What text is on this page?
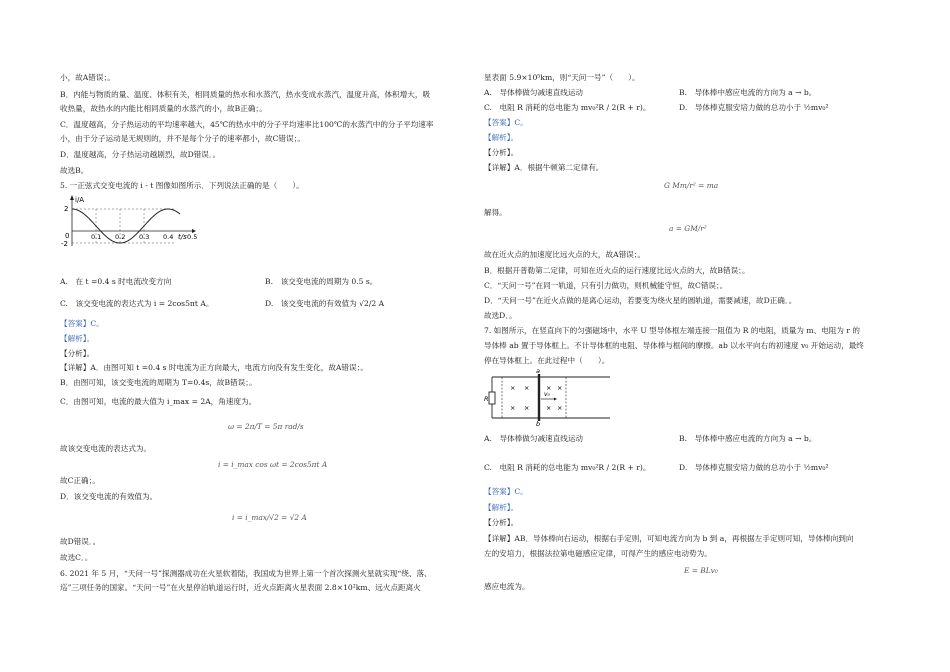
小，故A错误；。
B．内能与物质的量、温度、体积有关，相同质量的热水和水蒸汽，热水变成水蒸汽，温度升高，体积增大，吸
收热量，故热水的内能比相同质量的水蒸汽的小，故B正确；。
C．温度越高，分子热运动的平均速率越大，45℃的热水中的分子平均速率比100℃的水蒸汽中的分子平均速率
小，由于分子运动是无规则的，并不是每个分子的速率都小，故C错误；。
D．温度越高，分子热运动越剧烈，故D错误．。
故选B。
5. 一正弦式交变电流的 i - t 图像如图所示．下列说法正确的是（　　）。
i/A
2
0
-2
0.1 0.2 0.3 0.4 0.5
t/s
A.　在 t =0.4 s 时电流改变方向	B.　该交变电流的周期为 0.5 s。
C.　该交变电流的表达式为 i = 2cos5πt A。	D.　该交变电流的有效值为 √2/2 A
【答案】C。
【解析】。
【分析】。
【详解】A．由图可知 t =0.4 s 时电流为正方向最大，电流方向没有发生变化，故A错误；。
B．由图可知，该交变电流的周期为 T=0.4s，故B错误；。
C．由图可知，电流的最大值为 i_max = 2A，角速度为。
ω = 2π/T = 5π rad/s
故该交变电流的表达式为。
i = i_max cos ωt = 2cos5πt A
故C正确；。
D．该交变电流的有效值为。
i = i_max/√2 = √2 A
故D错误．。
故选C．。
6. 2021 年 5 月，“天问一号”探测器成功在火星软着陆，我国成为世界上第一个首次探测火星就实现“绕、落、
巡”三项任务的国家。“天问一号”在火星停泊轨道运行时，近火点距离火星表面 2.8×10²km、远火点距离火
星表面 5.9×10⁵km，则“天问一号”（　　）。
A.　导体棒做匀减速直线运动	B.　导体棒中感应电流的方向为 a → b。
C.　电阻 R 消耗的总电能为 mv₀²R / 2(R + r)。	D.　导体棒克服安培力做的总功小于 ½mv₀²
【答案】C。
【解析】。
【分析】。
【详解】A．根据牛顿第二定律有。
G Mm/r² = ma
解得。
a = GM/r²
故在近火点的加速度比远火点的大，故A错误；。
B．根据开普勒第二定律，可知在近火点的运行速度比远火点的大，故B错误；。
C．“天问一号”在同一轨道，只有引力做功，则机械能守恒，故C错误；。
D．“天问一号”在近火点做的是离心运动，若要变为绕火星的圆轨道，需要减速，故D正确．。
故选D．。
7. 如图所示，在竖直向下的匀强磁场中，水平 U 型导体框左端连接一阻值为 R 的电阻，质量为 m、电阻为 r 的
导体棒 ab 置于导体框上。不计导体框的电阻、导体棒与框间的摩擦。ab 以水平向右的初速度 v₀ 开始运动，最终
停在导体框上。在此过程中（　　）。
R
a
b
v₀
× ×	× ×
× ×	× ×
A.　导体棒做匀减速直线运动	B.　导体棒中感应电流的方向为 a → b。
C.　电阻 R 消耗的总电能为 mv₀²R / 2(R + r)。	D.　导体棒克服安培力做的总功小于 ½mv₀²
【答案】C。
【解析】。
【分析】。
【详解】AB．导体棒向右运动，根据右手定则，可知电流方向为 b 到 a，再根据左手定则可知，导体棒向到向
左的安培力，根据法拉第电磁感应定律，可得产生的感应电动势为。
E = BLv₀
感应电流为。
